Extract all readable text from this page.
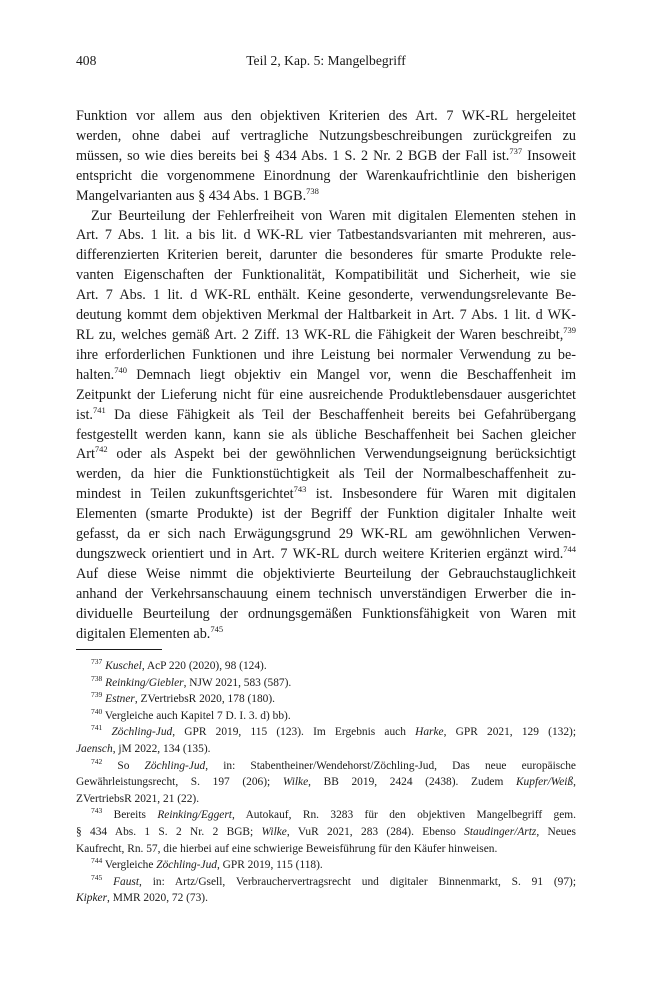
408	Teil 2, Kap. 5: Mangelbegriff
Funktion vor allem aus den objektiven Kriterien des Art. 7 WK-RL hergeleitet
werden, ohne dabei auf vertragliche Nutzungsbeschreibungen zurückgreifen zu
müssen, so wie dies bereits bei § 434 Abs. 1 S. 2 Nr. 2 BGB der Fall ist.$^{737}$ Insoweit
entspricht die vorgenommene Einordnung der Warenkaufrichtlinie den bisherigen
Mangelvarianten aus § 434 Abs. 1 BGB.$^{738}$
Zur Beurteilung der Fehlerfreiheit von Waren mit digitalen Elementen stehen in
Art. 7 Abs. 1 lit. a bis lit. d WK-RL vier Tatbestandsvarianten mit mehreren, aus-
differenzierten Kriterien bereit, darunter die besonderes für smarte Produkte rele-
vanten Eigenschaften der Funktionalität, Kompatibilität und Sicherheit, wie sie
Art. 7 Abs. 1 lit. d WK-RL enthält. Keine gesonderte, verwendungsrelevante Be-
deutung kommt dem objektiven Merkmal der Haltbarkeit in Art. 7 Abs. 1 lit. d WK-
RL zu, welches gemäß Art. 2 Ziff. 13 WK-RL die Fähigkeit der Waren beschreibt,$^{739}$
ihre erforderlichen Funktionen und ihre Leistung bei normaler Verwendung zu be-
halten.$^{740}$ Demnach liegt objektiv ein Mangel vor, wenn die Beschaffenheit im
Zeitpunkt der Lieferung nicht für eine ausreichende Produktlebensdauer ausgerichtet
ist.$^{741}$ Da diese Fähigkeit als Teil der Beschaffenheit bereits bei Gefahrübergang
festgestellt werden kann, kann sie als übliche Beschaffenheit bei Sachen gleicher
Art$^{742}$ oder als Aspekt bei der gewöhnlichen Verwendungseignung berücksichtigt
werden, da hier die Funktionstüchtigkeit als Teil der Normalbeschaffenheit zu-
mindest in Teilen zukunftsgerichtet$^{743}$ ist. Insbesondere für Waren mit digitalen
Elementen (smarte Produkte) ist der Begriff der Funktion digitaler Inhalte weit
gefasst, da er sich nach Erwägungsgrund 29 WK-RL am gewöhnlichen Verwen-
dungszweck orientiert und in Art. 7 WK-RL durch weitere Kriterien ergänzt wird.$^{744}$
Auf diese Weise nimmt die objektivierte Beurteilung der Gebrauchstauglichkeit
anhand der Verkehrsanschauung einem technisch unverständigen Erwerber die in-
dividuelle Beurteilung der ordnungsgemäßen Funktionsfähigkeit von Waren mit
digitalen Elementen ab.$^{745}$
$^{737}$ Kuschel, AcP 220 (2020), 98 (124).
$^{738}$ Reinking/Giebler, NJW 2021, 583 (587).
$^{739}$ Estner, ZVertriebsR 2020, 178 (180).
$^{740}$ Vergleiche auch Kapitel 7 D. I. 3. d) bb).
$^{741}$ Zöchling-Jud, GPR 2019, 115 (123). Im Ergebnis auch Harke, GPR 2021, 129 (132);
Jaensch, jM 2022, 134 (135).
$^{742}$ So Zöchling-Jud, in: Stabentheiner/Wendehorst/Zöchling-Jud, Das neue europäische
Gewährleistungsrecht, S. 197 (206); Wilke, BB 2019, 2424 (2438). Zudem Kupfer/Weiß,
ZVertriebsR 2021, 21 (22).
$^{743}$ Bereits Reinking/Eggert, Autokauf, Rn. 3283 für den objektiven Mangelbegriff gem.
§ 434 Abs. 1 S. 2 Nr. 2 BGB; Wilke, VuR 2021, 283 (284). Ebenso Staudinger/Artz, Neues
Kaufrecht, Rn. 57, die hierbei auf eine schwierige Beweisführung für den Käufer hinweisen.
$^{744}$ Vergleiche Zöchling-Jud, GPR 2019, 115 (118).
$^{745}$ Faust, in: Artz/Gsell, Verbrauchervertragsrecht und digitaler Binnenmarkt, S. 91 (97);
Kipker, MMR 2020, 72 (73).
